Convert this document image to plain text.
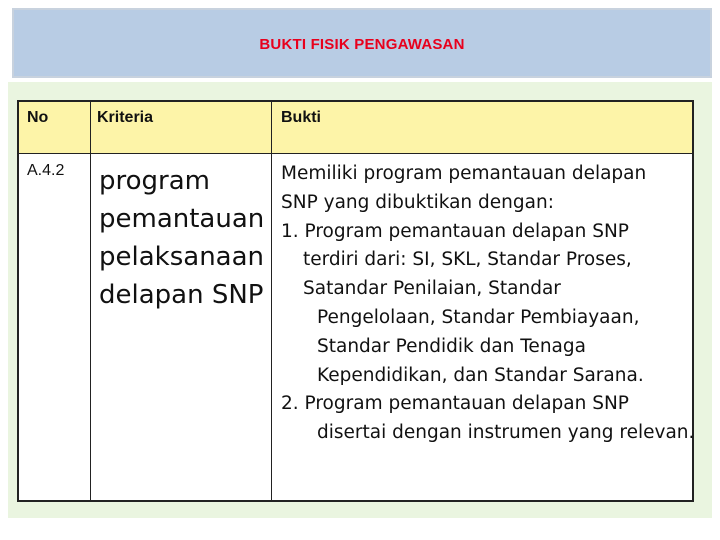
BUKTI FISIK PENGAWASAN
No	Kriteria	Bukti
A.4.2 program
pemantauan
pelaksanaan
delapan SNP
Memiliki program pemantauan delapan
SNP yang dibuktikan dengan:
1. Program pemantauan delapan SNP
terdiri dari: SI, SKL, Standar Proses,
Satandar Penilaian, Standar
Pengelolaan, Standar Pembiayaan,
Standar Pendidik dan Tenaga
Kependidikan, dan Standar Sarana.
2. Program pemantauan delapan SNP
disertai dengan instrumen yang relevan.
